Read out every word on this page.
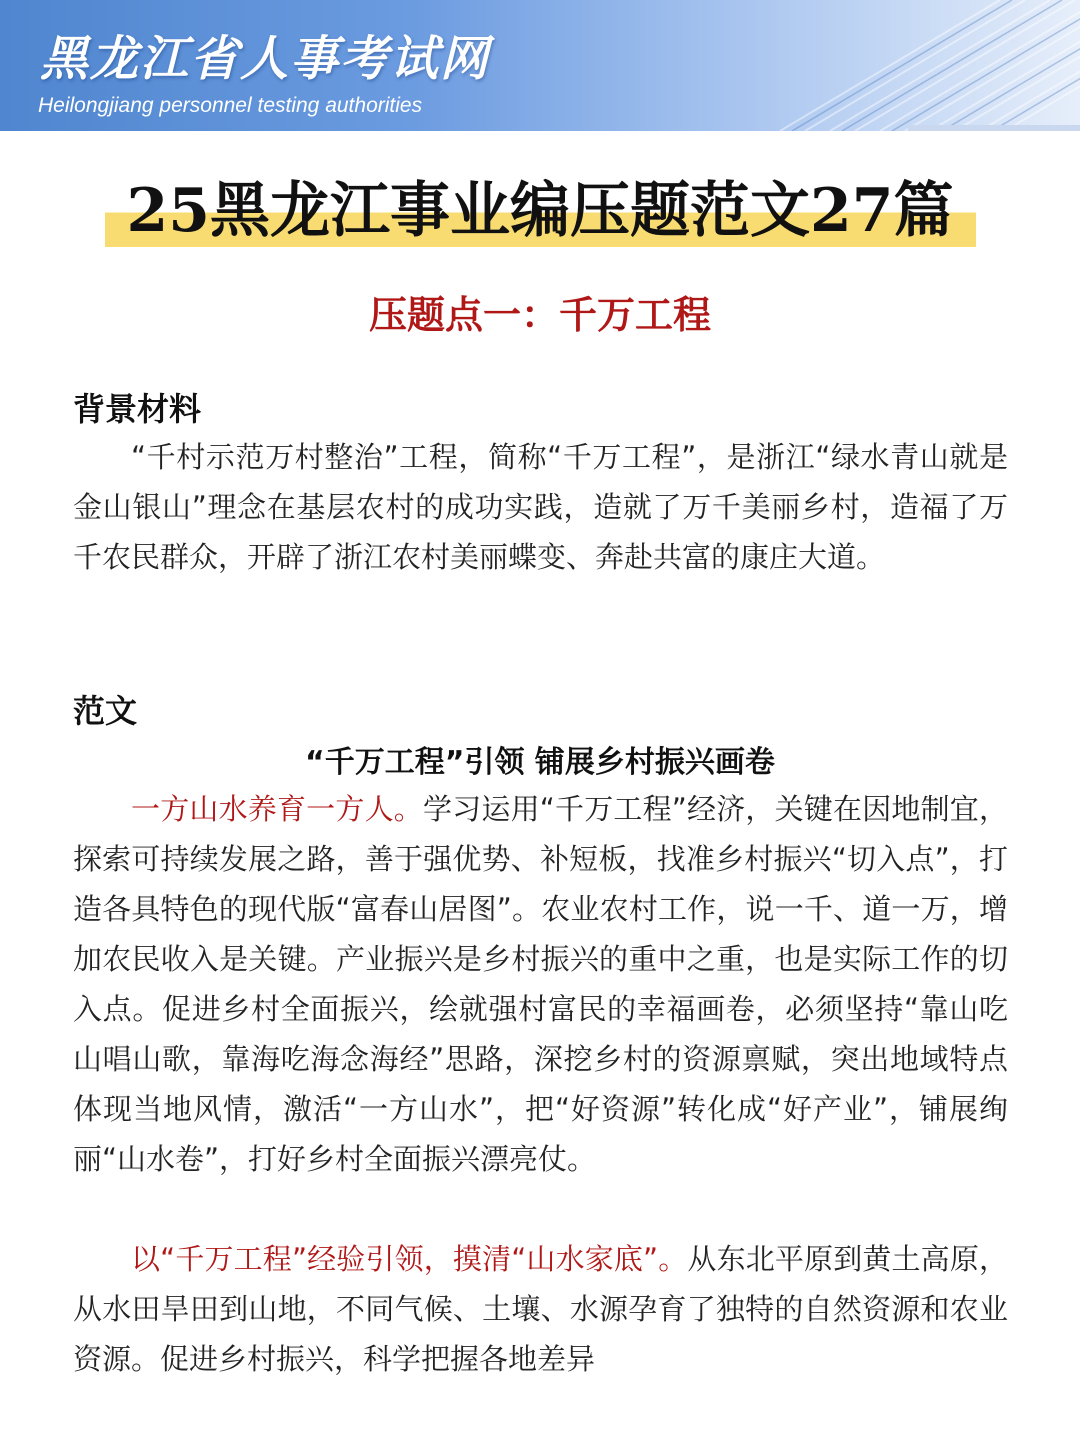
黑龙江省人事考试网
Heilongjiang personnel testing authorities
25黑龙江事业编压题范文27篇
压题点一：千万工程
背景材料

“千村示范万村整治”工程，简称“千万工程”，是浙江“绿水青山就是金山银山”理念在基层农村的成功实践，造就了万千美丽乡村，造福了万千农民群众，开辟了浙江农村美丽蝶变、奔赴共富的康庄大道。

范文
“千万工程”引领 铺展乡村振兴画卷

一方山水养育一方人。学习运用“千万工程”经济，关键在因地制宜，探索可持续发展之路，善于强优势、补短板，找准乡村振兴“切入点”，打造各具特色的现代版“富春山居图”。农业农村工作，说一千、道一万，增加农民收入是关键。产业振兴是乡村振兴的重中之重，也是实际工作的切入点。促进乡村全面振兴，绘就强村富民的幸福画卷，必须坚持“靠山吃山唱山歌，靠海吃海念海经”思路，深挖乡村的资源禀赋，突出地域特点体现当地风情，激活“一方山水”，把“好资源”转化成“好产业”，铺展绚丽“山水卷”，打好乡村全面振兴漂亮仗。

以“千万工程”经验引领，摸清“山水家底”。从东北平原到黄土高原，从水田旱田到山地，不同气候、土壤、水源孕育了独特的自然资源和农业资源。促进乡村振兴，科学把握各地差异
